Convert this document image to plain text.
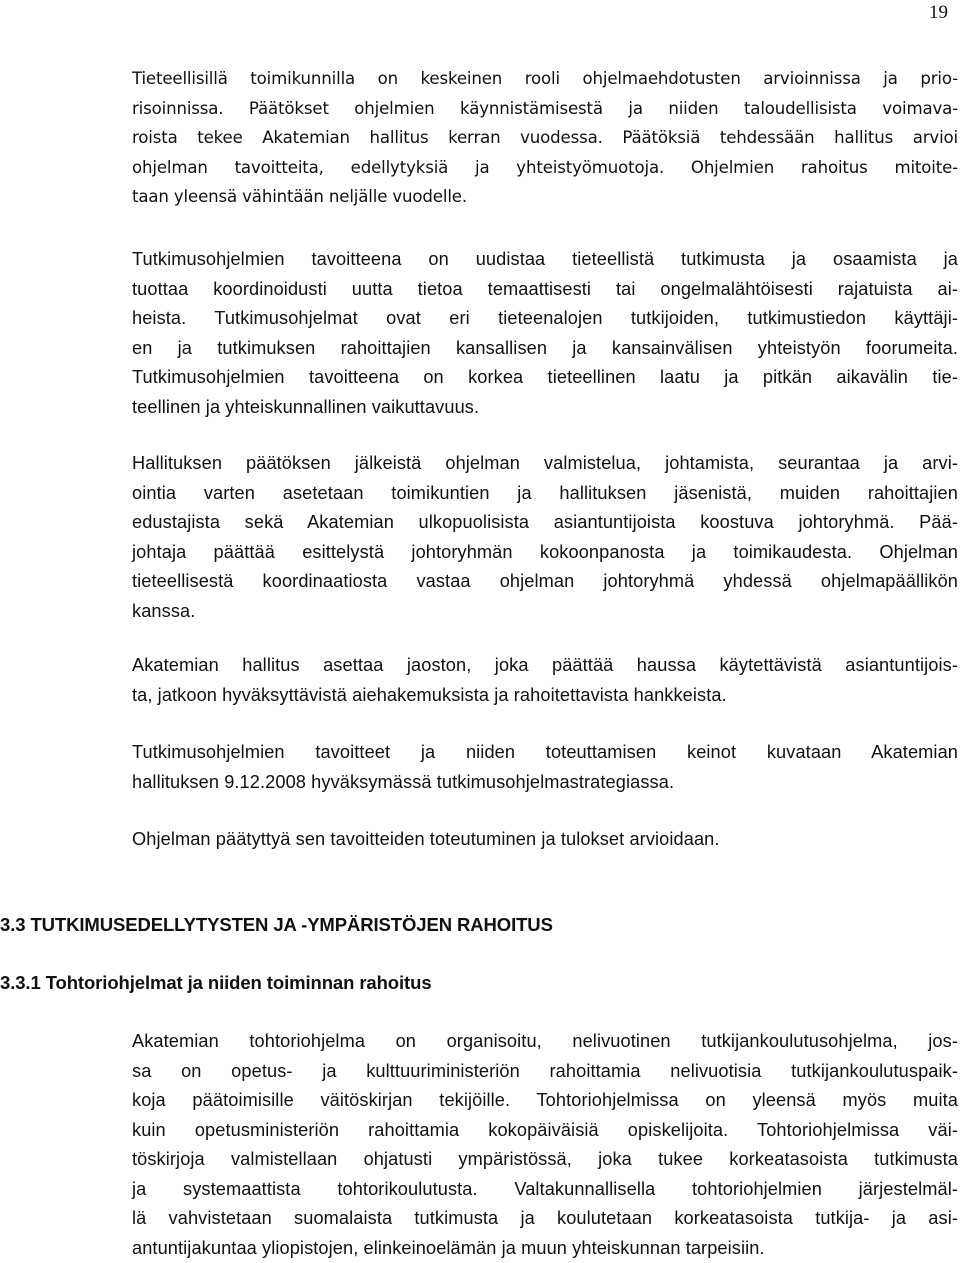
19

Tieteellisillä toimikunnilla on keskeinen rooli ohjelmaehdotusten arvioinnissa ja prio-
risoinnissa. Päätökset ohjelmien käynnistämisestä ja niiden taloudellisista voimava-
roista tekee Akatemian hallitus kerran vuodessa. Päätöksiä tehdessään hallitus arvioi
ohjelman tavoitteita, edellytyksiä ja yhteistyömuotoja. Ohjelmien rahoitus mitoite-
taan yleensä vähintään neljälle vuodelle.

Tutkimusohjelmien tavoitteena on uudistaa tieteellistä tutkimusta ja osaamista ja
tuottaa koordinoidusti uutta tietoa temaattisesti tai ongelmalähtöisesti rajatuista ai-
heista. Tutkimusohjelmat ovat eri tieteenalojen tutkijoiden, tutkimustiedon käyttäji-
en ja tutkimuksen rahoittajien kansallisen ja kansainvälisen yhteistyön foorumeita.
Tutkimusohjelmien tavoitteena on korkea tieteellinen laatu ja pitkän aikavälin tie-
teellinen ja yhteiskunnallinen vaikuttavuus.

Hallituksen päätöksen jälkeistä ohjelman valmistelua, johtamista, seurantaa ja arvi-
ointia varten asetetaan toimikuntien ja hallituksen jäsenistä, muiden rahoittajien
edustajista sekä Akatemian ulkopuolisista asiantuntijoista koostuva johtoryhmä. Pää-
johtaja päättää esittelystä johtoryhmän kokoonpanosta ja toimikaudesta. Ohjelman
tieteellisestä koordinaatiosta vastaa ohjelman johtoryhmä yhdessä ohjelmapäällikön
kanssa.

Akatemian hallitus asettaa jaoston, joka päättää haussa käytettävistä asiantuntijois-
ta, jatkoon hyväksyttävistä aiehakemuksista ja rahoitettavista hankkeista.

Tutkimusohjelmien tavoitteet ja niiden toteuttamisen keinot kuvataan Akatemian
hallituksen 9.12.2008 hyväksymässä tutkimusohjelmastrategiassa.

Ohjelman päätyttyä sen tavoitteiden toteutuminen ja tulokset arvioidaan.

3.3 TUTKIMUSEDELLYTYSTEN JA -YMPÄRISTÖJEN RAHOITUS
3.3.1 Tohtoriohjelmat ja niiden toiminnan rahoitus

Akatemian tohtoriohjelma on organisoitu, nelivuotinen tutkijankoulutusohjelma, jos-
sa on opetus- ja kulttuuriministeriön rahoittamia nelivuotisia tutkijankoulutuspaik-
koja päätoimisille väitöskirjan tekijöille. Tohtoriohjelmissa on yleensä myös muita
kuin opetusministeriön rahoittamia kokopäiväisiä opiskelijoita. Tohtoriohjelmissa väi-
töskirjoja valmistellaan ohjatusti ympäristössä, joka tukee korkeatasoista tutkimusta
ja systemaattista tohtorikoulutusta. Valtakunnallisella tohtoriohjelmien järjestelmäl-
lä vahvistetaan suomalaista tutkimusta ja koulutetaan korkeatasoista tutkija- ja asi-
antuntijakuntaa yliopistojen, elinkeinoelämän ja muun yhteiskunnan tarpeisiin.
